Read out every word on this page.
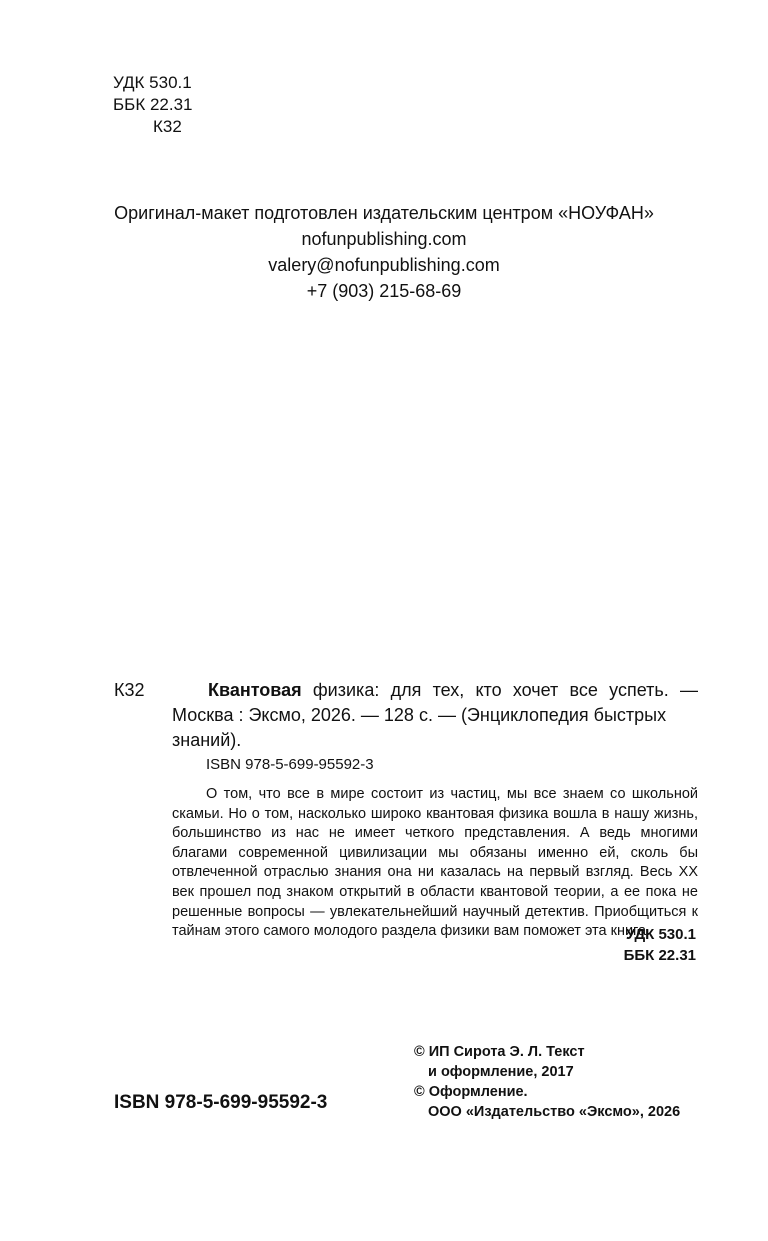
УДК 530.1
ББК 22.31
К32
Оригинал-макет подготовлен издательским центром «НОУФАН»
nofunpublishing.com
valery@nofunpublishing.com
+7 (903) 215-68-69
К32	Квантовая физика: для тех, кто хочет все успеть. —
Москва : Эксмо, 2026. — 128 с. — (Энциклопедия быстрых
знаний).
ISBN 978-5-699-95592-3

О том, что все в мире состоит из частиц, мы все знаем со школьной скамьи. Но о том, насколько широко квантовая физика вошла в нашу жизнь, большинство из нас не имеет четкого представления. А ведь многими благами современной цивилизации мы обязаны именно ей, сколь бы отвлеченной отраслью знания она ни казалась на первый взгляд. Весь XX век прошел под знаком открытий в области квантовой теории, а ее пока не решенные вопросы — увлекательнейший научный детектив. Приобщиться к тайнам этого самого молодого раздела физики вам поможет эта книга.

УДК 530.1
ББК 22.31
© ИП Сирота Э. Л. Текст
и оформление, 2017
© Оформление.
ООО «Издательство «Эксмо», 2026
ISBN 978-5-699-95592-3
